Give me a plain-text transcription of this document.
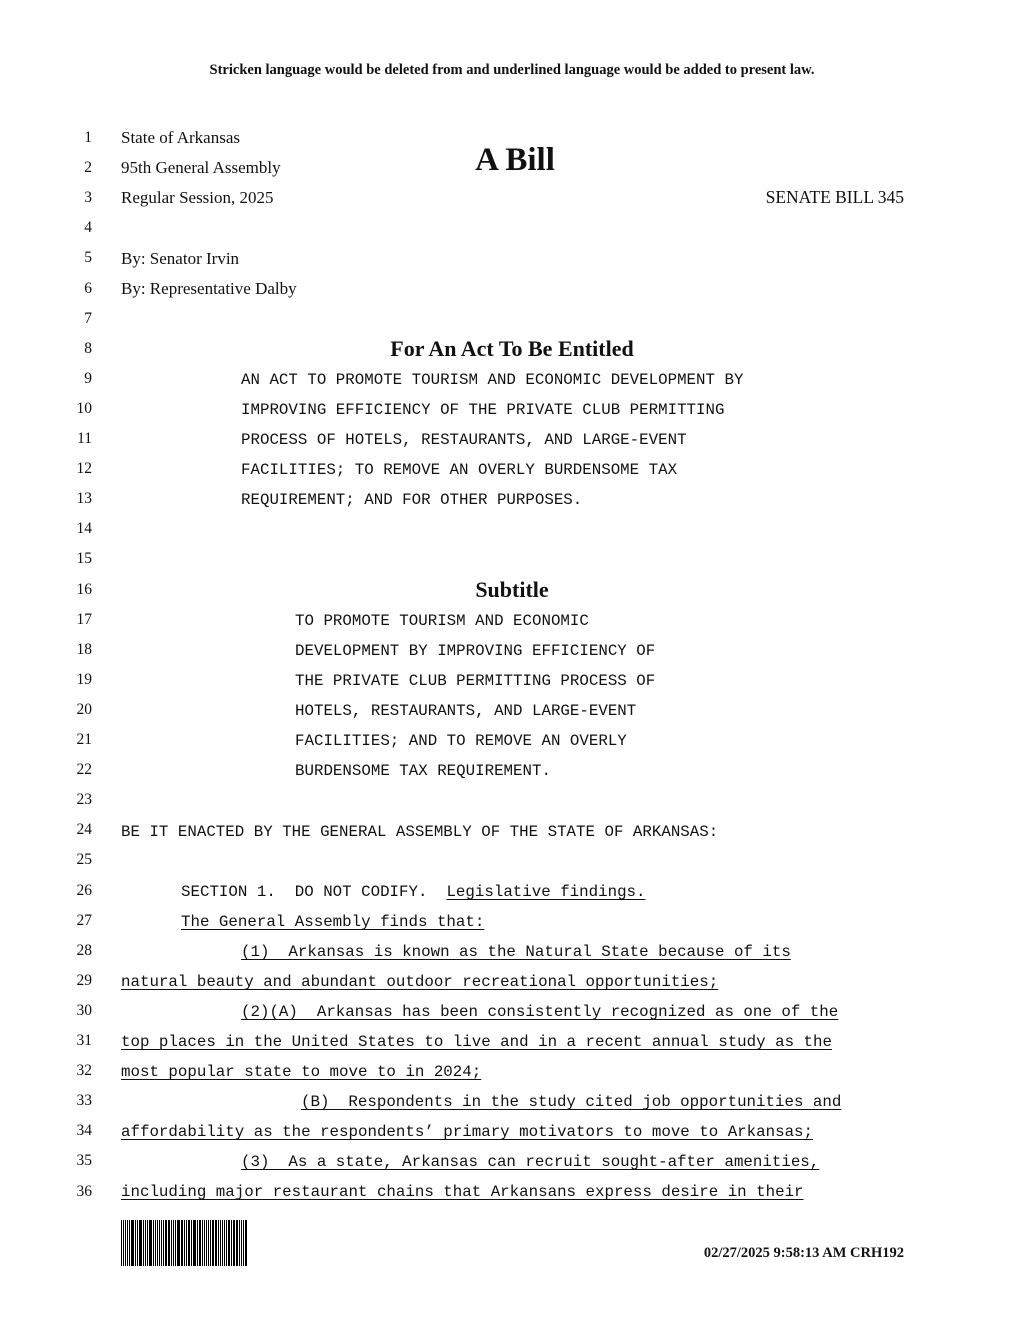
Stricken language would be deleted from and underlined language would be added to present law.
1
2
3
4
5
6
7
8
9
10
11
12
13
14
15
16
17
18
19
20
21
22
23
24
25
26
27
28
29
30
31
32
33
34
35
36
State of Arkansas
95th General Assembly
Regular Session, 2025
A Bill
SENATE BILL 345
By: Senator Irvin
By: Representative Dalby
For An Act To Be Entitled
AN ACT TO PROMOTE TOURISM AND ECONOMIC DEVELOPMENT BY
IMPROVING EFFICIENCY OF THE PRIVATE CLUB PERMITTING
PROCESS OF HOTELS, RESTAURANTS, AND LARGE-EVENT
FACILITIES; TO REMOVE AN OVERLY BURDENSOME TAX
REQUIREMENT; AND FOR OTHER PURPOSES.
Subtitle
TO PROMOTE TOURISM AND ECONOMIC
DEVELOPMENT BY IMPROVING EFFICIENCY OF
THE PRIVATE CLUB PERMITTING PROCESS OF
HOTELS, RESTAURANTS, AND LARGE-EVENT
FACILITIES; AND TO REMOVE AN OVERLY
BURDENSOME TAX REQUIREMENT.
BE IT ENACTED BY THE GENERAL ASSEMBLY OF THE STATE OF ARKANSAS:
SECTION 1.  DO NOT CODIFY.  Legislative findings.
The General Assembly finds that:
(1)  Arkansas is known as the Natural State because of its
natural beauty and abundant outdoor recreational opportunities;
(2)(A)  Arkansas has been consistently recognized as one of the
top places in the United States to live and in a recent annual study as the
most popular state to move to in 2024;
(B)  Respondents in the study cited job opportunities and
affordability as the respondents’ primary motivators to move to Arkansas;
(3)  As a state, Arkansas can recruit sought-after amenities,
including major restaurant chains that Arkansans express desire in their
02/27/2025 9:58:13 AM CRH192
